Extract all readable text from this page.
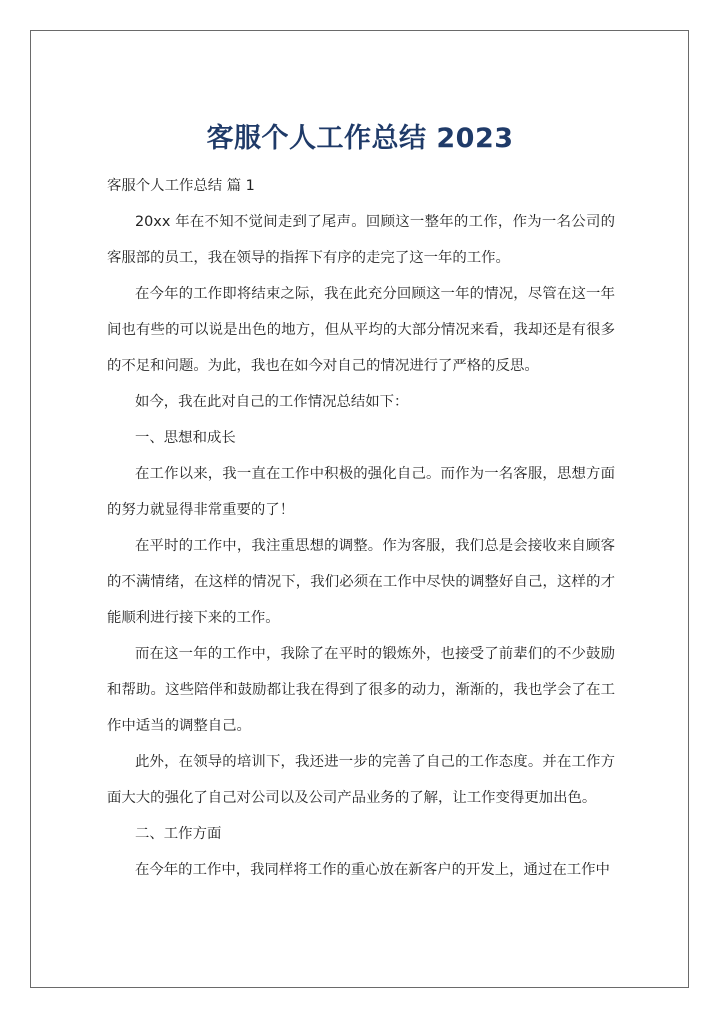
客服个人工作总结 2023

客服个人工作总结 篇 1

20xx 年在不知不觉间走到了尾声。回顾这一整年的工作，作为一名公司的客服部的员工，我在领导的指挥下有序的走完了这一年的工作。

在今年的工作即将结束之际，我在此充分回顾这一年的情况，尽管在这一年间也有些的可以说是出色的地方，但从平均的大部分情况来看，我却还是有很多的不足和问题。为此，我也在如今对自己的情况进行了严格的反思。

如今，我在此对自己的工作情况总结如下：

一、思想和成长

在工作以来，我一直在工作中积极的强化自己。而作为一名客服，思想方面的努力就显得非常重要的了！

在平时的工作中，我注重思想的调整。作为客服，我们总是会接收来自顾客的不满情绪，在这样的情况下，我们必须在工作中尽快的调整好自己，这样的才能顺利进行接下来的工作。

而在这一年的工作中，我除了在平时的锻炼外，也接受了前辈们的不少鼓励和帮助。这些陪伴和鼓励都让我在得到了很多的动力，渐渐的，我也学会了在工作中适当的调整自己。

此外，在领导的培训下，我还进一步的完善了自己的工作态度。并在工作方面大大的强化了自己对公司以及公司产品业务的了解，让工作变得更加出色。

二、工作方面

在今年的工作中，我同样将工作的重心放在新客户的开发上，通过在工作中
